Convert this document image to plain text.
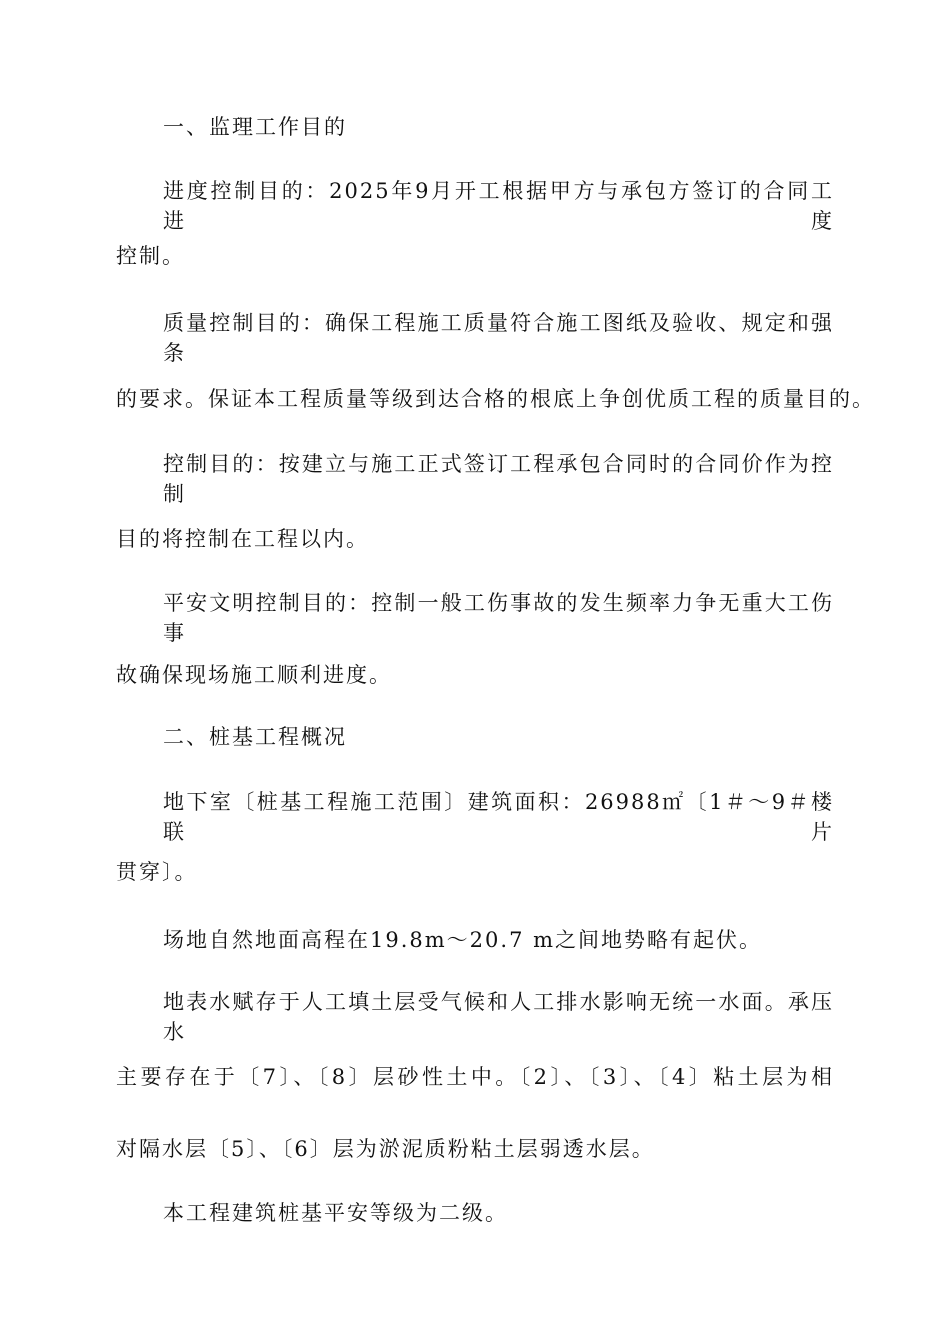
一、监理工作目的
进度控制目的：2025年9月开工根据甲方与承包方签订的合同工进度
控制。
质量控制目的：确保工程施工质量符合施工图纸及验收、规定和强条
的要求。保证本工程质量等级到达合格的根底上争创优质工程的质量目的。
控制目的：按建立与施工正式签订工程承包合同时的合同价作为控制
目的将控制在工程以内。
平安文明控制目的：控制一般工伤事故的发生频率力争无重大工伤事
故确保现场施工顺利进度。
二、桩基工程概况
地下室〔桩基工程施工范围〕建筑面积：26988㎡〔1＃～9＃楼联片
贯穿〕。
场地自然地面高程在19.8m～20.7 m之间地势略有起伏。
地表水赋存于人工填土层受气候和人工排水影响无统一水面。承压水
主要存在于〔7〕、〔8〕层砂性土中。〔2〕、〔3〕、〔4〕粘土层为相
对隔水层〔5〕、〔6〕层为淤泥质粉粘土层弱透水层。
本工程建筑桩基平安等级为二级。
